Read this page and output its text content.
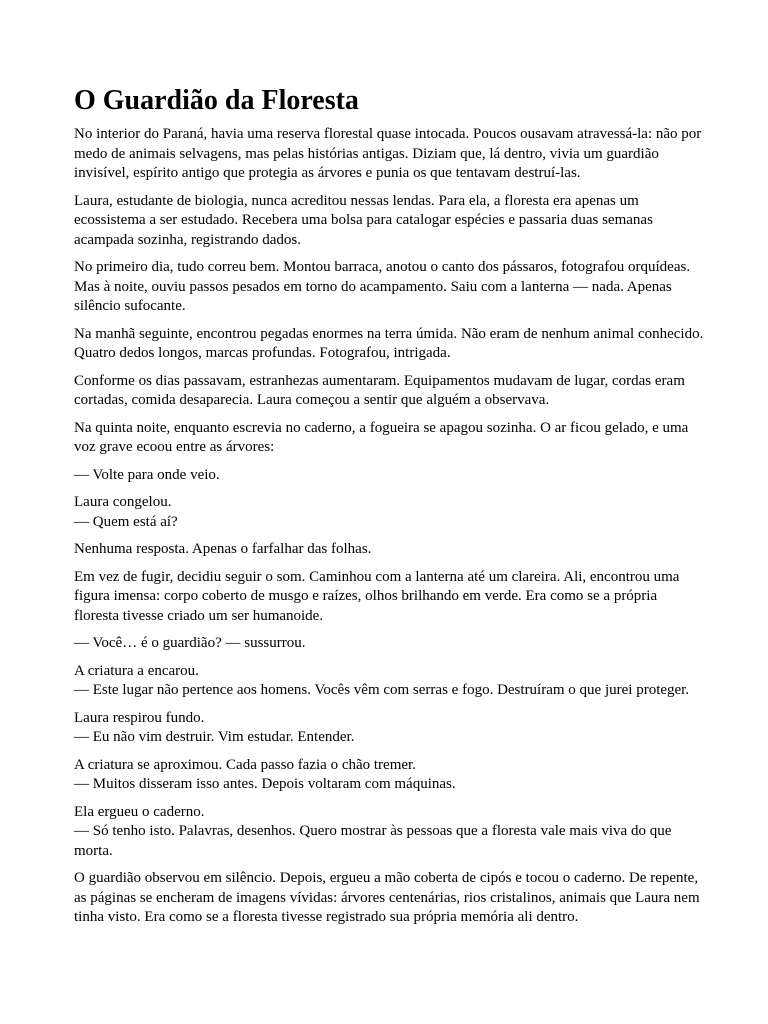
O Guardião da Floresta

No interior do Paraná, havia uma reserva florestal quase intocada. Poucos ousavam atravessá-la: não por medo de animais selvagens, mas pelas histórias antigas. Diziam que, lá dentro, vivia um guardião invisível, espírito antigo que protegia as árvores e punia os que tentavam destruí-las.

Laura, estudante de biologia, nunca acreditou nessas lendas. Para ela, a floresta era apenas um ecossistema a ser estudado. Recebera uma bolsa para catalogar espécies e passaria duas semanas acampada sozinha, registrando dados.

No primeiro dia, tudo correu bem. Montou barraca, anotou o canto dos pássaros, fotografou orquídeas. Mas à noite, ouviu passos pesados em torno do acampamento. Saiu com a lanterna — nada. Apenas silêncio sufocante.

Na manhã seguinte, encontrou pegadas enormes na terra úmida. Não eram de nenhum animal conhecido. Quatro dedos longos, marcas profundas. Fotografou, intrigada.

Conforme os dias passavam, estranhezas aumentaram. Equipamentos mudavam de lugar, cordas eram cortadas, comida desaparecia. Laura começou a sentir que alguém a observava.

Na quinta noite, enquanto escrevia no caderno, a fogueira se apagou sozinha. O ar ficou gelado, e uma voz grave ecoou entre as árvores:

— Volte para onde veio.

Laura congelou.
— Quem está aí?

Nenhuma resposta. Apenas o farfalhar das folhas.

Em vez de fugir, decidiu seguir o som. Caminhou com a lanterna até um clareira. Ali, encontrou uma figura imensa: corpo coberto de musgo e raízes, olhos brilhando em verde. Era como se a própria floresta tivesse criado um ser humanoide.

— Você… é o guardião? — sussurrou.

A criatura a encarou.
— Este lugar não pertence aos homens. Vocês vêm com serras e fogo. Destruíram o que jurei proteger.

Laura respirou fundo.
— Eu não vim destruir. Vim estudar. Entender.

A criatura se aproximou. Cada passo fazia o chão tremer.
— Muitos disseram isso antes. Depois voltaram com máquinas.

Ela ergueu o caderno.
— Só tenho isto. Palavras, desenhos. Quero mostrar às pessoas que a floresta vale mais viva do que morta.

O guardião observou em silêncio. Depois, ergueu a mão coberta de cipós e tocou o caderno. De repente, as páginas se encheram de imagens vívidas: árvores centenárias, rios cristalinos, animais que Laura nem tinha visto. Era como se a floresta tivesse registrado sua própria memória ali dentro.
